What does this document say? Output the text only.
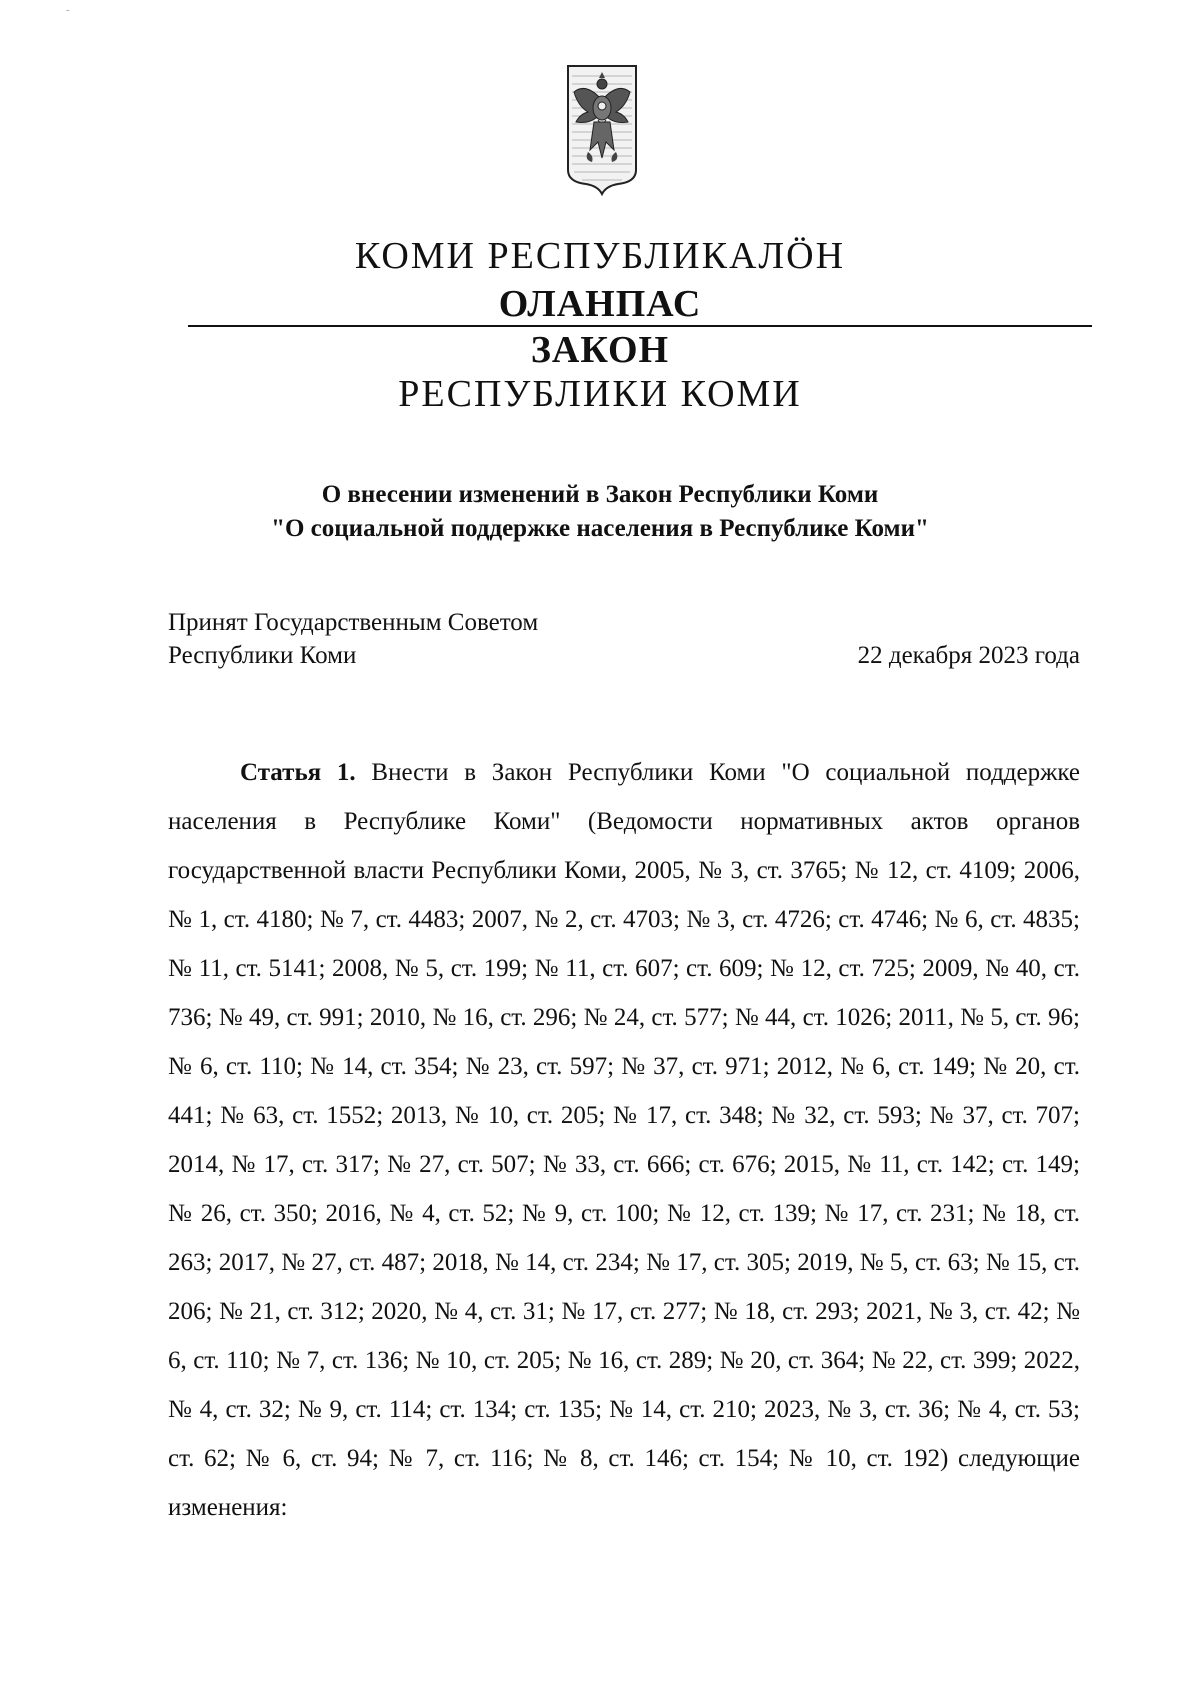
-
КОМИ РЕСПУБЛИКАЛÖН
ОЛАНПАС
ЗАКОН
РЕСПУБЛИКИ КОМИ
О внесении изменений в Закон Республики Коми
"О социальной поддержке населения в Республике Коми"
Принят Государственным Советом
Республики Коми	22 декабря 2023 года

Статья 1. Внести в Закон Республики Коми "О социальной поддержке населения в Республике Коми" (Ведомости нормативных актов органов государственной власти Республики Коми, 2005, № 3, ст. 3765; № 12, ст. 4109; 2006, № 1, ст. 4180; № 7, ст. 4483; 2007, № 2, ст. 4703; № 3, ст. 4726; ст. 4746; № 6, ст. 4835; № 11, ст. 5141; 2008, № 5, ст. 199; № 11, ст. 607; ст. 609; № 12, ст. 725; 2009, № 40, ст. 736; № 49, ст. 991; 2010, № 16, ст. 296; № 24, ст. 577; № 44, ст. 1026; 2011, № 5, ст. 96; № 6, ст. 110; № 14, ст. 354; № 23, ст. 597; № 37, ст. 971; 2012, № 6, ст. 149; № 20, ст. 441; № 63, ст. 1552; 2013, № 10, ст. 205; № 17, ст. 348; № 32, ст. 593; № 37, ст. 707; 2014, № 17, ст. 317; № 27, ст. 507; № 33, ст. 666; ст. 676; 2015, № 11, ст. 142; ст. 149; № 26, ст. 350; 2016, № 4, ст. 52; № 9, ст. 100; № 12, ст. 139; № 17, ст. 231; № 18, ст. 263; 2017, № 27, ст. 487; 2018, № 14, ст. 234; № 17, ст. 305; 2019, № 5, ст. 63; № 15, ст. 206; № 21, ст. 312; 2020, № 4, ст. 31; № 17, ст. 277; № 18, ст. 293; 2021, № 3, ст. 42; № 6, ст. 110; № 7, ст. 136; № 10, ст. 205; № 16, ст. 289; № 20, ст. 364; № 22, ст. 399; 2022, № 4, ст. 32; № 9, ст. 114; ст. 134; ст. 135; № 14, ст. 210; 2023, № 3, ст. 36; № 4, ст. 53; ст. 62; № 6, ст. 94; № 7, ст. 116; № 8, ст. 146; ст. 154; № 10, ст. 192) следующие изменения:
